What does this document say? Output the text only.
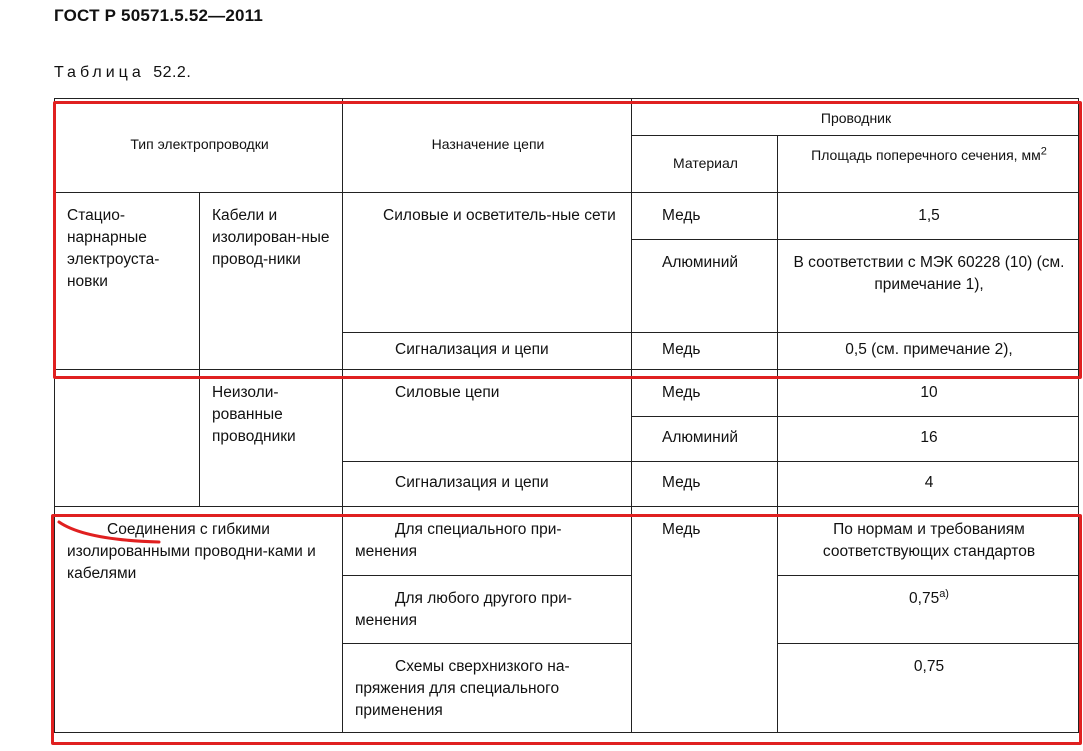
ГОСТ Р 50571.5.52—2011
Таблица 52.2.
Тип электропроводки		Назначение цепи	Проводник	

			Материал	Площадь поперечного сечения, $мм^2$

Стацио-нарнарные электроуста-новки	Кабели и изолирован-ные провод-ники	Силовые и осветитель-ные сети	Медь	1,5

			Алюминий	В соответствии с МЭК 60228 (10) (см. примечание 1),

		Сигнализация и цепи	Медь	0,5 (см. примечание 2),

	Неизоли-рованные проводники	Силовые цепи	Медь	10

			Алюминий	16

		Сигнализация и цепи	Медь	4

Соединения с гибкими изолированными проводни-ками и кабелями		Для специального при-менения	Медь	По нормам и требованиям соответствующих стандартов

		Для любого другого при-менения		$0,75^{а)}$

		Схемы сверхнизкого на-пряжения для специального применения		0,75
